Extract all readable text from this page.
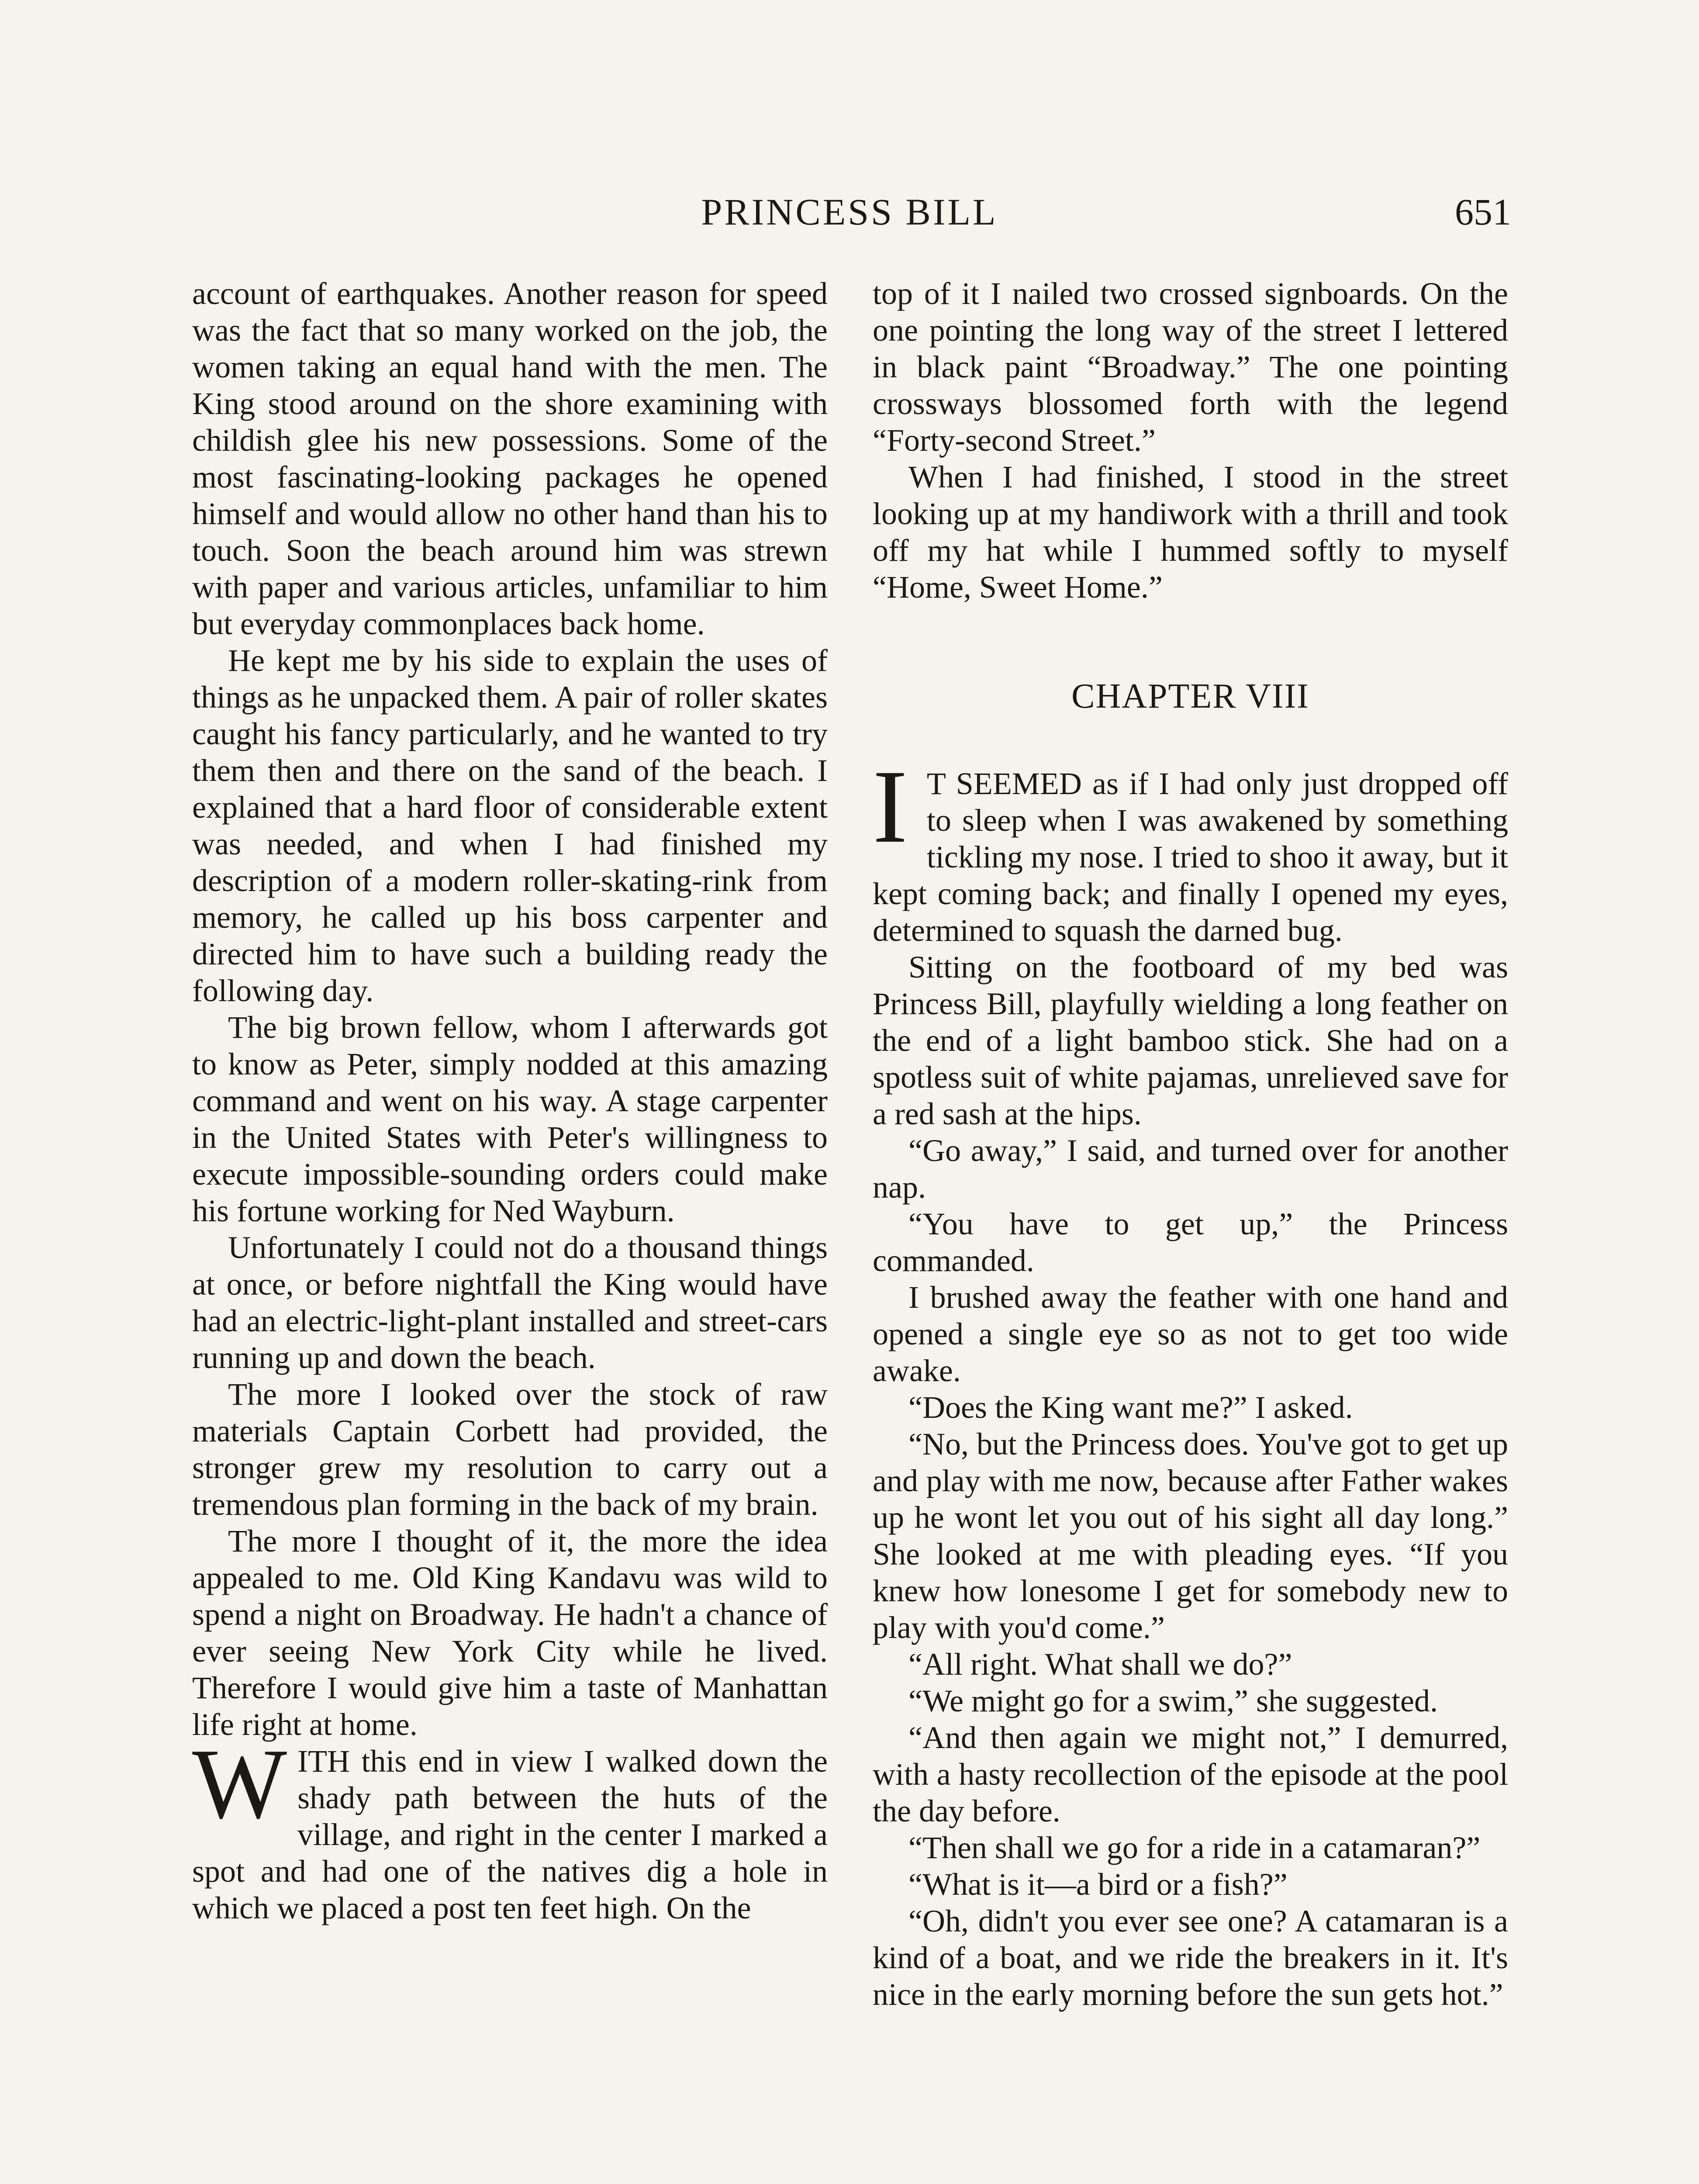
PRINCESS BILL	651

account of earthquakes. Another reason for speed was the fact that so many worked on the job, the women taking an equal hand with the men. The King stood around on the shore examining with childish glee his new possessions. Some of the most fascinating-looking packages he opened himself and would allow no other hand than his to touch. Soon the beach around him was strewn with paper and various articles, unfamiliar to him but everyday commonplaces back home.

He kept me by his side to explain the uses of things as he unpacked them. A pair of roller skates caught his fancy particularly, and he wanted to try them then and there on the sand of the beach. I explained that a hard floor of considerable extent was needed, and when I had finished my description of a modern roller-skating-rink from memory, he called up his boss carpenter and directed him to have such a building ready the following day.

The big brown fellow, whom I afterwards got to know as Peter, simply nodded at this amazing command and went on his way. A stage carpenter in the United States with Peter's willingness to execute impossible-sounding orders could make his fortune working for Ned Wayburn.

Unfortunately I could not do a thousand things at once, or before nightfall the King would have had an electric-light-plant installed and street-cars running up and down the beach.

The more I looked over the stock of raw materials Captain Corbett had provided, the stronger grew my resolution to carry out a tremendous plan forming in the back of my brain.

The more I thought of it, the more the idea appealed to me. Old King Kandavu was wild to spend a night on Broadway. He hadn't a chance of ever seeing New York City while he lived. Therefore I would give him a taste of Manhattan life right at home.

WITH this end in view I walked down the shady path between the huts of the village, and right in the center I marked a spot and had one of the natives dig a hole in which we placed a post ten feet high. On the

top of it I nailed two crossed signboards. On the one pointing the long way of the street I lettered in black paint “Broadway.” The one pointing crossways blossomed forth with the legend “Forty-second Street.”

When I had finished, I stood in the street looking up at my handiwork with a thrill and took off my hat while I hummed softly to myself “Home, Sweet Home.”

CHAPTER VIII

I T SEEMED as if I had only just dropped off to sleep when I was awakened by something tickling my nose. I tried to shoo it away, but it kept coming back; and finally I opened my eyes, determined to squash the darned bug.

Sitting on the footboard of my bed was Princess Bill, playfully wielding a long feather on the end of a light bamboo stick. She had on a spotless suit of white pajamas, unrelieved save for a red sash at the hips.

“Go away,” I said, and turned over for another nap.

“You have to get up,” the Princess commanded.

I brushed away the feather with one hand and opened a single eye so as not to get too wide awake.

“Does the King want me?” I asked.

“No, but the Princess does. You've got to get up and play with me now, because after Father wakes up he wont let you out of his sight all day long.” She looked at me with pleading eyes. “If you knew how lonesome I get for somebody new to play with you'd come.”

“All right. What shall we do?”

“We might go for a swim,” she suggested.

“And then again we might not,” I demurred, with a hasty recollection of the episode at the pool the day before.

“Then shall we go for a ride in a catamaran?”

“What is it—a bird or a fish?”

“Oh, didn't you ever see one? A catamaran is a kind of a boat, and we ride the breakers in it. It's nice in the early morning before the sun gets hot.”
